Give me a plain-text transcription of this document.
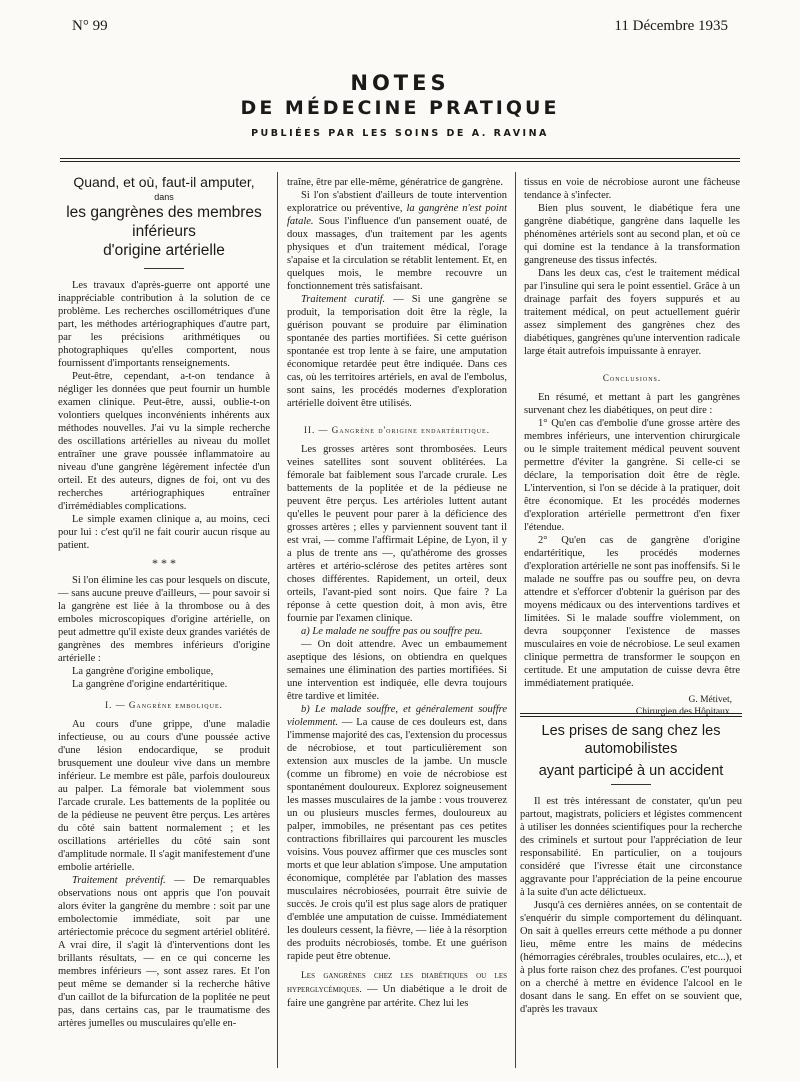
N° 99	11 Décembre 1935
NOTES
DE MÉDECINE PRATIQUE
PUBLIÉES PAR LES SOINS DE A. RAVINA
Quand, et où, faut-il amputer,
dans
les gangrènes des membres inférieurs
d'origine artérielle

Les travaux d'après-guerre ont apporté une inappréciable contribution à la solution de ce problème. Les recherches oscillométriques d'une part, les méthodes artériographiques d'autre part, par les précisions arithmétiques ou photographiques qu'elles comportent, nous fournissent d'importants renseignements.

Peut-être, cependant, a-t-on tendance à négliger les données que peut fournir un humble examen clinique. Peut-être, aussi, oublie-t-on volontiers quelques inconvénients inhérents aux méthodes nouvelles. J'ai vu la simple recherche des oscillations artérielles au niveau du mollet entraîner une grave poussée inflammatoire au niveau d'une gangrène légèrement infectée d'un orteil. Et des auteurs, dignes de foi, ont vu des recherches artériographiques entraîner d'irrémédiables complications.

Le simple examen clinique a, au moins, ceci pour lui : c'est qu'il ne fait courir aucun risque au patient.

* * *

Si l'on élimine les cas pour lesquels on discute, — sans aucune preuve d'ailleurs, — pour savoir si la gangrène est liée à la thrombose ou à des emboles microscopiques d'origine artérielle, on peut admettre qu'il existe deux grandes variétés de gangrènes des membres inférieurs d'origine artérielle :

La gangrène d'origine embolique,

La gangrène d'origine endartéritique.

I. — Gangrène embolique.

Au cours d'une grippe, d'une maladie infectieuse, ou au cours d'une poussée active d'une lésion endocardique, se produit brusquement une douleur vive dans un membre inférieur. Le membre est pâle, parfois douloureux au palper. La fémorale bat violemment sous l'arcade crurale. Les battements de la poplitée ou de la pédieuse ne peuvent être perçus. Les artères du côté sain battent normalement ; et les oscillations artérielles du côté sain sont d'amplitude normale. Il s'agit manifestement d'une embolie artérielle.

Traitement préventif. — De remarquables observations nous ont appris que l'on pouvait alors éviter la gangrène du membre : soit par une embolectomie immédiate, soit par une artériectomie précoce du segment artériel oblitéré. A vrai dire, il s'agit là d'interventions dont les brillants résultats, — en ce qui concerne les membres inférieurs —, sont assez rares. Et l'on peut même se demander si la recherche hâtive d'un caillot de la bifurcation de la poplitée ne peut pas, dans certains cas, par le traumatisme des artères jumelles ou musculaires qu'elle en-

traîne, être par elle-même, génératrice de gangrène.

Si l'on s'abstient d'ailleurs de toute intervention exploratrice ou préventive, la gangrène n'est point fatale. Sous l'influence d'un pansement ouaté, de doux massages, d'un traitement par les agents physiques et d'un traitement médical, l'orage s'apaise et la circulation se rétablit lentement. Et, en quelques mois, le membre recouvre un fonctionnement très satisfaisant.

Traitement curatif. — Si une gangrène se produit, la temporisation doit être la règle, la guérison pouvant se produire par élimination spontanée des parties mortifiées. Si cette guérison spontanée est trop lente à se faire, une amputation économique retardée peut être indiquée. Dans ces cas, où les territoires artériels, en aval de l'embolus, sont sains, les procédés modernes d'exploration artérielle doivent être utilisés.

II. — Gangrène d'origine endartéritique.

Les grosses artères sont thrombosées. Leurs veines satellites sont souvent oblitérées. La fémorale bat faiblement sous l'arcade crurale. Les battements de la poplitée et de la pédieuse ne peuvent être perçus. Les artérioles luttent autant qu'elles le peuvent pour parer à la déficience des grosses artères ; elles y parviennent souvent tant il est vrai, — comme l'affirmait Lépine, de Lyon, il y a plus de trente ans —, qu'athérome des grosses artères et artério-sclérose des petites artères sont choses différentes. Rapidement, un orteil, deux orteils, l'avant-pied sont noirs. Que faire ? La réponse à cette question doit, à mon avis, être fournie par l'examen clinique.

a) Le malade ne souffre pas ou souffre peu.

— On doit attendre. Avec un embaumement aseptique des lésions, on obtiendra en quelques semaines une élimination des parties mortifiées. Si une intervention est indiquée, elle devra toujours être tardive et limitée.

b) Le malade souffre, et généralement souffre violemment. — La cause de ces douleurs est, dans l'immense majorité des cas, l'extension du processus de nécrobiose, et tout particulièrement son extension aux muscles de la jambe. Un muscle (comme un fibrome) en voie de nécrobiose est spontanément douloureux. Explorez soigneusement les masses musculaires de la jambe : vous trouverez un ou plusieurs muscles fermes, douloureux au palper, immobiles, ne présentant pas ces petites contractions fibrillaires qui parcourent les muscles voisins. Vous pouvez affirmer que ces muscles sont morts et que leur ablation s'impose. Une amputation économique, complétée par l'ablation des masses musculaires nécrobiosées, pourrait être suivie de succès. Je crois qu'il est plus sage alors de pratiquer d'emblée une amputation de cuisse. Immédiatement les douleurs cessent, la fièvre, — liée à la résorption des produits nécrobiosés, tombe. Et une guérison rapide peut être obtenue.

Les gangrènes chez les diabétiques ou les hyperglycémiques. — Un diabétique a le droit de faire une gangrène par artérite. Chez lui les

tissus en voie de nécrobiose auront une fâcheuse tendance à s'infecter.

Bien plus souvent, le diabétique fera une gangrène diabétique, gangrène dans laquelle les phénomènes artériels sont au second plan, et où ce qui domine est la tendance à la transformation gangreneuse des tissus infectés.

Dans les deux cas, c'est le traitement médical par l'insuline qui sera le point essentiel. Grâce à un drainage parfait des foyers suppurés et au traitement médical, on peut actuellement guérir assez simplement des gangrènes chez des diabétiques, gangrènes qu'une intervention radicale large était autrefois impuissante à enrayer.

Conclusions.

En résumé, et mettant à part les gangrènes survenant chez les diabétiques, on peut dire :

1° Qu'en cas d'embolie d'une grosse artère des membres inférieurs, une intervention chirurgicale ou le simple traitement médical peuvent souvent permettre d'éviter la gangrène. Si celle-ci se déclare, la temporisation doit être de règle. L'intervention, si l'on se décide à la pratiquer, doit être économique. Et les procédés modernes d'exploration artérielle permettront d'en fixer l'étendue.

2° Qu'en cas de gangrène d'origine endartéritique, les procédés modernes d'exploration artérielle ne sont pas inoffensifs. Si le malade ne souffre pas ou souffre peu, on devra attendre et s'efforcer d'obtenir la guérison par des moyens médicaux ou des interventions tardives et limitées. Si le malade souffre violemment, on devra soupçonner l'existence de masses musculaires en voie de nécrobiose. Le seul examen clinique permettra de transformer le soupçon en certitude. Et une amputation de cuisse devra être immédiatement pratiquée.

G. Métivet,
Chirurgien des Hôpitaux.
Les prises de sang chez les automobilistes
ayant participé à un accident

Il est très intéressant de constater, qu'un peu partout, magistrats, policiers et légistes commencent à utiliser les données scientifiques pour la recherche des criminels et surtout pour l'appréciation de leur responsabilité. En particulier, on a toujours considéré que l'ivresse était une circonstance aggravante pour l'appréciation de la peine encourue à la suite d'un acte délictueux.

Jusqu'à ces dernières années, on se contentait de s'enquérir du simple comportement du délinquant. On sait à quelles erreurs cette méthode a pu donner lieu, même entre les mains de médecins (hémorragies cérébrales, troubles oculaires, etc...), et à plus forte raison chez des profanes. C'est pourquoi on a cherché à mettre en évidence l'alcool en le dosant dans le sang. En effet on se souvient que, d'après les travaux
